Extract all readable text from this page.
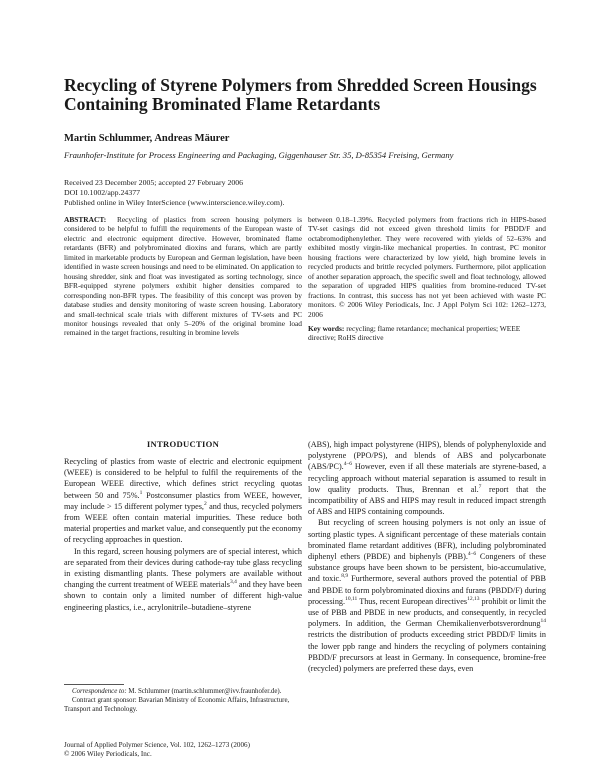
Recycling of Styrene Polymers from Shredded Screen Housings Containing Brominated Flame Retardants
Martin Schlummer, Andreas Mäurer
Fraunhofer-Institute for Process Engineering and Packaging, Giggenhauser Str. 35, D-85354 Freising, Germany
Received 23 December 2005; accepted 27 February 2006
DOI 10.1002/app.24377
Published online in Wiley InterScience (www.interscience.wiley.com).
ABSTRACT: Recycling of plastics from screen housing polymers is considered to be helpful to fulfill the requirements of the European waste of electric and electronic equipment directive. However, brominated flame retardants (BFR) and polybrominated dioxins and furans, which are partly limited in marketable products by European and German legislation, have been identified in waste screen housings and need to be eliminated. On application to housing shredder, sink and float was investigated as sorting technology, since BFR-equipped styrene polymers exhibit higher densities compared to corresponding non-BFR types. The feasibility of this concept was proven by database studies and density monitoring of waste screen housing. Laboratory and small-technical scale trials with different mixtures of TV-sets and PC monitor housings revealed that only 5–20% of the original bromine load remained in the target fractions, resulting in bromine levels
between 0.18–1.39%. Recycled polymers from fractions rich in HIPS-based TV-set casings did not exceed given threshold limits for PBDD/F and octabromodiphenylether. They were recovered with yields of 52–63% and exhibited mostly virgin-like mechanical properties. In contrast, PC monitor housing fractions were characterized by low yield, high bromine levels in recycled products and brittle recycled polymers. Furthermore, pilot application of another separation approach, the specific swell and float technology, allowed the separation of upgraded HIPS qualities from bromine-reduced TV-set fractions. In contrast, this success has not yet been achieved with waste PC monitors. © 2006 Wiley Periodicals, Inc. J Appl Polym Sci 102: 1262–1273, 2006
Key words: recycling; flame retardance; mechanical properties; WEEE directive; RoHS directive
INTRODUCTION

Recycling of plastics from waste of electric and electronic equipment (WEEE) is considered to be helpful to fulfil the requirements of the European WEEE directive, which defines strict recycling quotas between 50 and 75%.$^1$ Postconsumer plastics from WEEE, however, may include > 15 different polymer types,$^2$ and thus, recycled polymers from WEEE often contain material impurities. These reduce both material properties and market value, and consequently put the economy of recycling approaches in question.

In this regard, screen housing polymers are of special interest, which are separated from their devices during cathode-ray tube glass recycling in existing dismantling plants. These polymers are available without changing the current treatment of WEEE materials$^{3,4}$ and they have been shown to contain only a limited number of different high-value engineering plastics, i.e., acrylonitrile–butadiene–styrene

Correspondence to: M. Schlummer (martin.schlummer@ivv.fraunhofer.de).

Contract grant sponsor: Bavarian Ministry of Economic Affairs, Infrastructure, Transport and Technology.

Journal of Applied Polymer Science, Vol. 102, 1262–1273 (2006)
© 2006 Wiley Periodicals, Inc.

(ABS), high impact polystyrene (HIPS), blends of polyphenyloxide and polystyrene (PPO/PS), and blends of ABS and polycarbonate (ABS/PC).$^{4-6}$ However, even if all these materials are styrene-based, a recycling approach without material separation is assumed to result in low quality products. Thus, Brennan et al.$^7$ report that the incompatibility of ABS and HIPS may result in reduced impact strength of ABS and HIPS containing compounds.

But recycling of screen housing polymers is not only an issue of sorting plastic types. A significant percentage of these materials contain brominated flame retardant additives (BFR), including polybrominated diphenyl ethers (PBDE) and biphenyls (PBB).$^{4-6}$ Congeners of these substance groups have been shown to be persistent, bio-accumulative, and toxic.$^{8,9}$ Furthermore, several authors proved the potential of PBB and PBDE to form polybrominated dioxins and furans (PBDD/F) during processing.$^{10,11}$ Thus, recent European directives$^{12,13}$ prohibit or limit the use of PBB and PBDE in new products, and consequently, in recycled polymers. In addition, the German Chemikalienverbotsverordnung$^{14}$ restricts the distribution of products exceeding strict PBDD/F limits in the lower ppb range and hinders the recycling of polymers containing PBDD/F precursors at least in Germany. In consequence, bromine-free (recycled) polymers are preferred these days, even
